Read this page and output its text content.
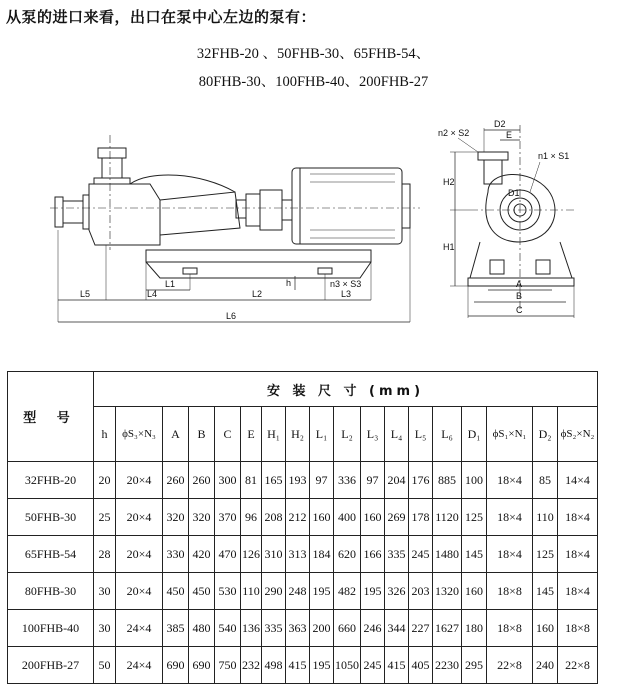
从泵的进口来看，出口在泵中心左边的泵有：
32FHB-20 、50FHB-30、65FHB-54、
80FHB-30、100FHB-40、200FHB-27
L5	L4
L1
L2	L3
L6
h	n3 × S3
n2 × S2
D2
E
n1 × S1
D1
H2
H1
A
B
C
型 号	安 装 尺 寸 (mm)																	
	h	ϕS₃×N₃	A	B	C	E	H₁	H₂	L₁	L₂	L₃	L₄	L₅	L₆	D₁	ϕS₁×N₁	D₂	ϕS₂×N₂
32FHB-20	20	20×4	260	260	300	81	165	193	97	336	97	204	176	885	100	18×4	85	14×4
50FHB-30	25	20×4	320	320	370	96	208	212	160	400	160	269	178	1120	125	18×4	110	18×4
65FHB-54	28	20×4	330	420	470	126	310	313	184	620	166	335	245	1480	145	18×4	125	18×4
80FHB-30	30	20×4	450	450	530	110	290	248	195	482	195	326	203	1320	160	18×8	145	18×4
100FHB-40	30	24×4	385	480	540	136	335	363	200	660	246	344	227	1627	180	18×8	160	18×8
200FHB-27	50	24×4	690	690	750	232	498	415	195	1050	245	415	405	2230	295	22×8	240	22×8
